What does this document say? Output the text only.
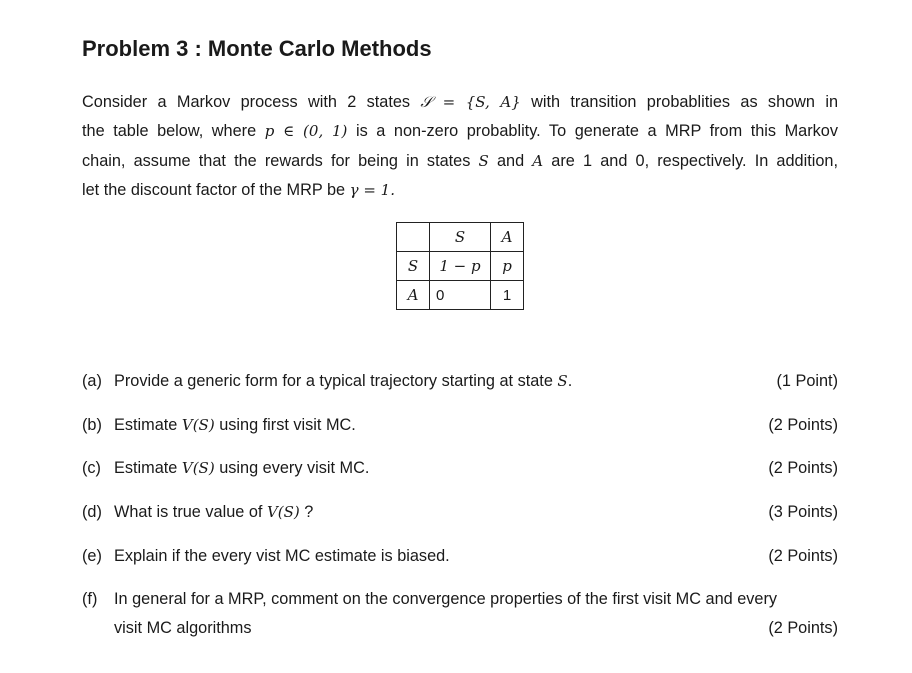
Problem 3 : Monte Carlo Methods

Consider a Markov process with 2 states 𝒮 = {S, A} with transition probablities as shown in
the table below, where p ∈ (0, 1) is a non-zero probablity. To generate a MRP from this Markov
chain, assume that the rewards for being in states S and A are 1 and 0, respectively. In addition,
let the discount factor of the MRP be γ = 1.

	S	A
S	1 − p	p
A	0	1
(a) Provide a generic form for a typical trajectory starting at state S.	(1 Point)
(b) Estimate V(S) using first visit MC.	(2 Points)
(c) Estimate V(S) using every visit MC.	(2 Points)
(d) What is true value of V(S) ?	(3 Points)
(e) Explain if the every vist MC estimate is biased.	(2 Points)
(f) In general for a MRP, comment on the convergence properties of the first visit MC and every
visit MC algorithms	(2 Points)
